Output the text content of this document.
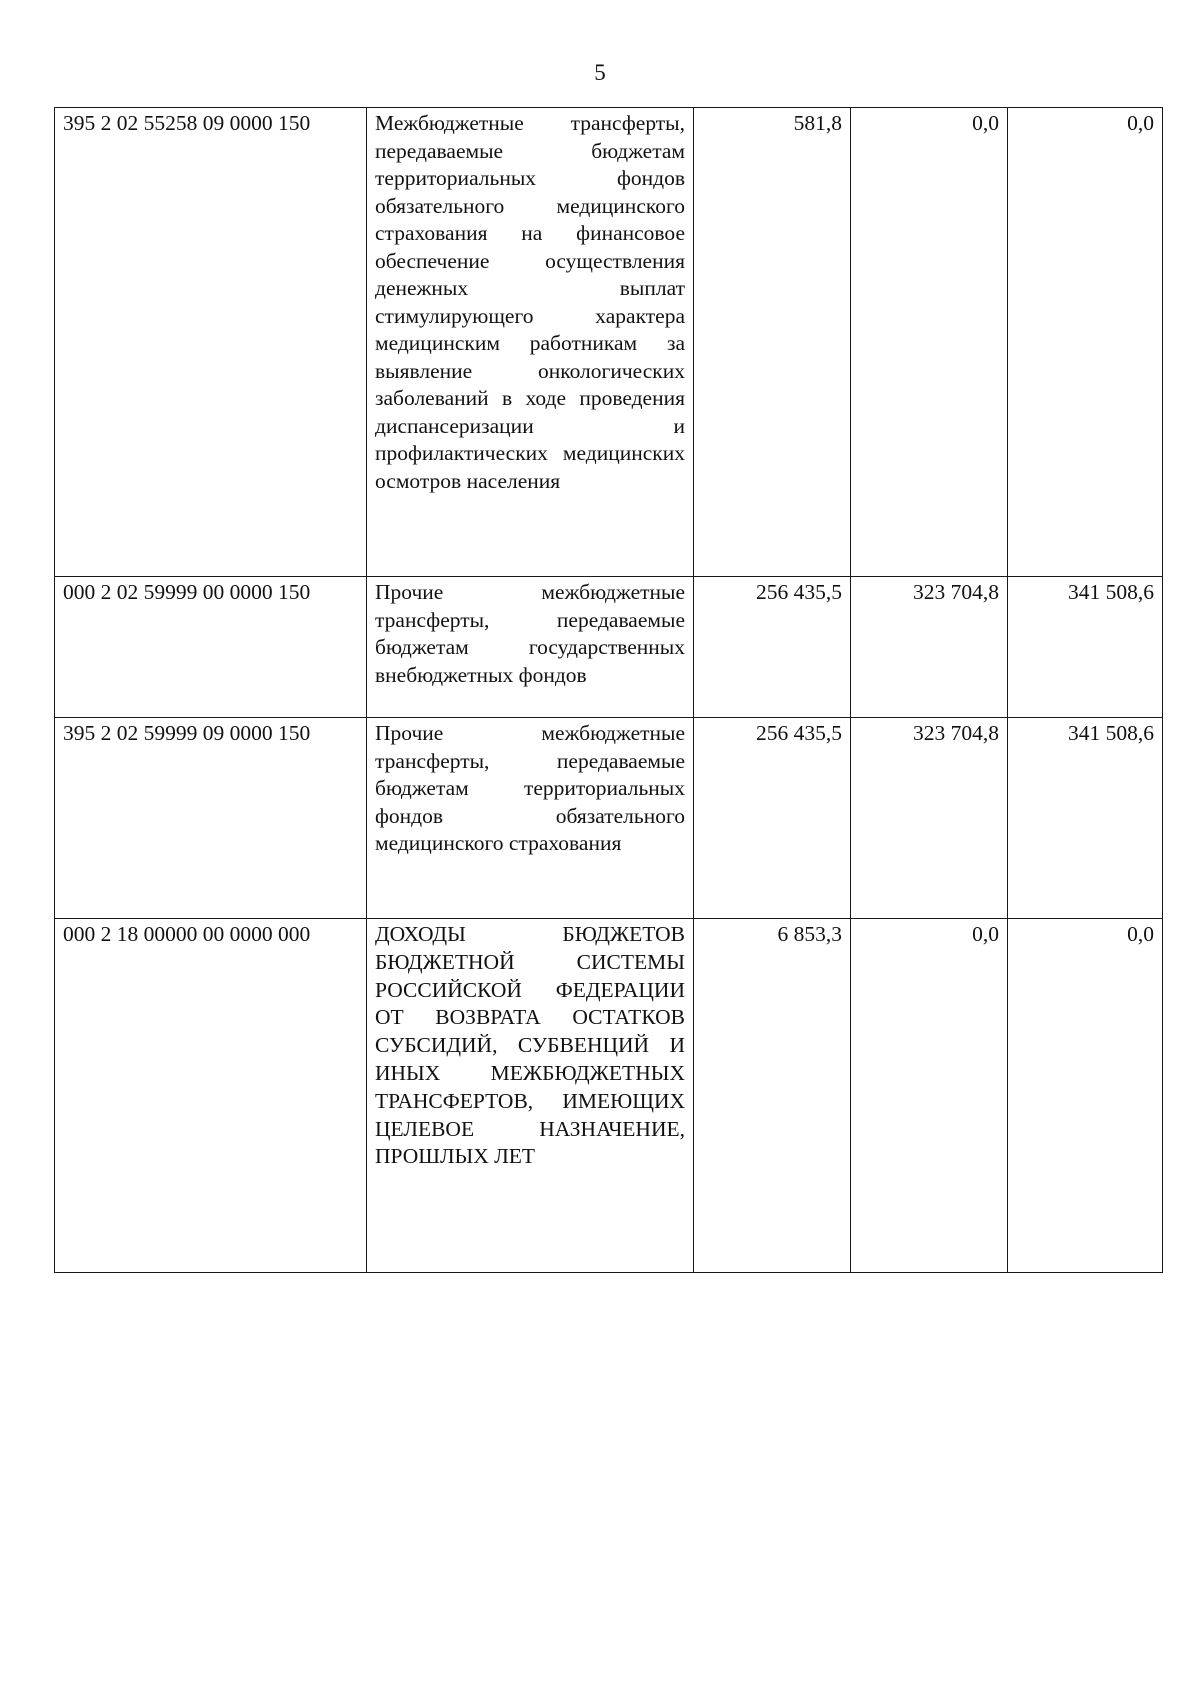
5
395 2 02 55258 09 0000 150	Межбюджетные трансферты, передаваемые бюджетам территориальных фондов обязательного медицинского страхования на финансовое обеспечение осуществления денежных выплат стимулирующего характера медицинским работникам за выявление онкологических заболеваний в ходе проведения диспансеризации и профилактических медицинских осмотров населения	581,8	0,0	0,0
000 2 02 59999 00 0000 150	Прочие межбюджетные трансферты, передаваемые бюджетам государственных внебюджетных фондов	256 435,5	323 704,8	341 508,6
395 2 02 59999 09 0000 150	Прочие межбюджетные трансферты, передаваемые бюджетам территориальных фондов обязательного медицинского страхования	256 435,5	323 704,8	341 508,6
000 2 18 00000 00 0000 000	ДОХОДЫ БЮДЖЕТОВ БЮДЖЕТНОЙ СИСТЕМЫ РОССИЙСКОЙ ФЕДЕРАЦИИ ОТ ВОЗВРАТА ОСТАТКОВ СУБСИДИЙ, СУБВЕНЦИЙ И ИНЫХ МЕЖБЮДЖЕТНЫХ ТРАНСФЕРТОВ, ИМЕЮЩИХ ЦЕЛЕВОЕ НАЗНАЧЕНИЕ, ПРОШЛЫХ ЛЕТ	6 853,3	0,0	0,0
